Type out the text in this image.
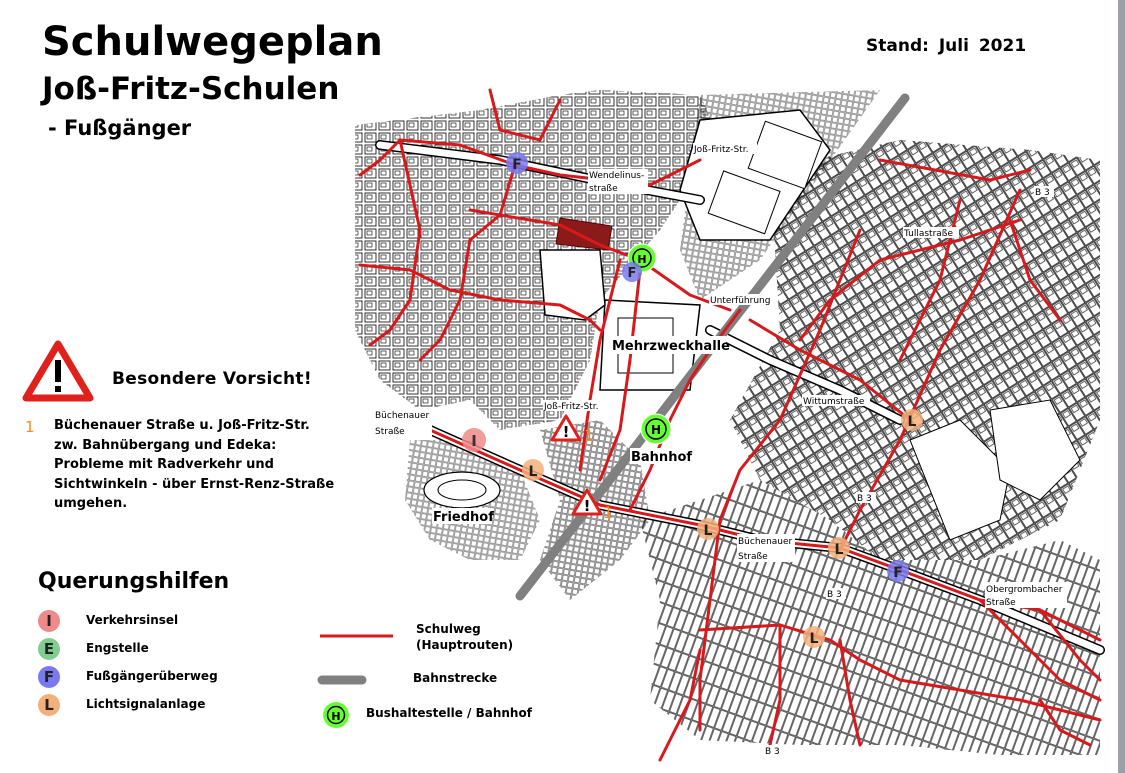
Schulwegeplan
Joß-Fritz-Schulen
- Fußgänger
Stand: Juli 2021
H
H
I
F
F
F
L
L
L
L
L
! 1
! 1
Joß-Fritz-Str.
Wendelinus-
straße
Tullastraße
Unterführung
Mehrzweckhalle
Wittumstraße
Büchenauer
Straße
Joß-Fritz-Str.
Bahnhof
Friedhof
Büchenauer
Straße
Obergrombacher
Straße
B 3
B 3
B 3
B 3
H
Besondere Vorsicht!
1 Büchenauer Straße u. Joß-Fritz-Str.
zw. Bahnübergang und Edeka:
Probleme mit Radverkehr und
Sichtwinkeln - über Ernst-Renz-Straße
umgehen.
Querungshilfen
I	Verkehrsinsel
E	Engstelle
F	Fußgängerüberweg
L	Lichtsignalanlage
Schulweg
(Hauptrouten)
Bahnstrecke
Bushaltestelle / Bahnhof
